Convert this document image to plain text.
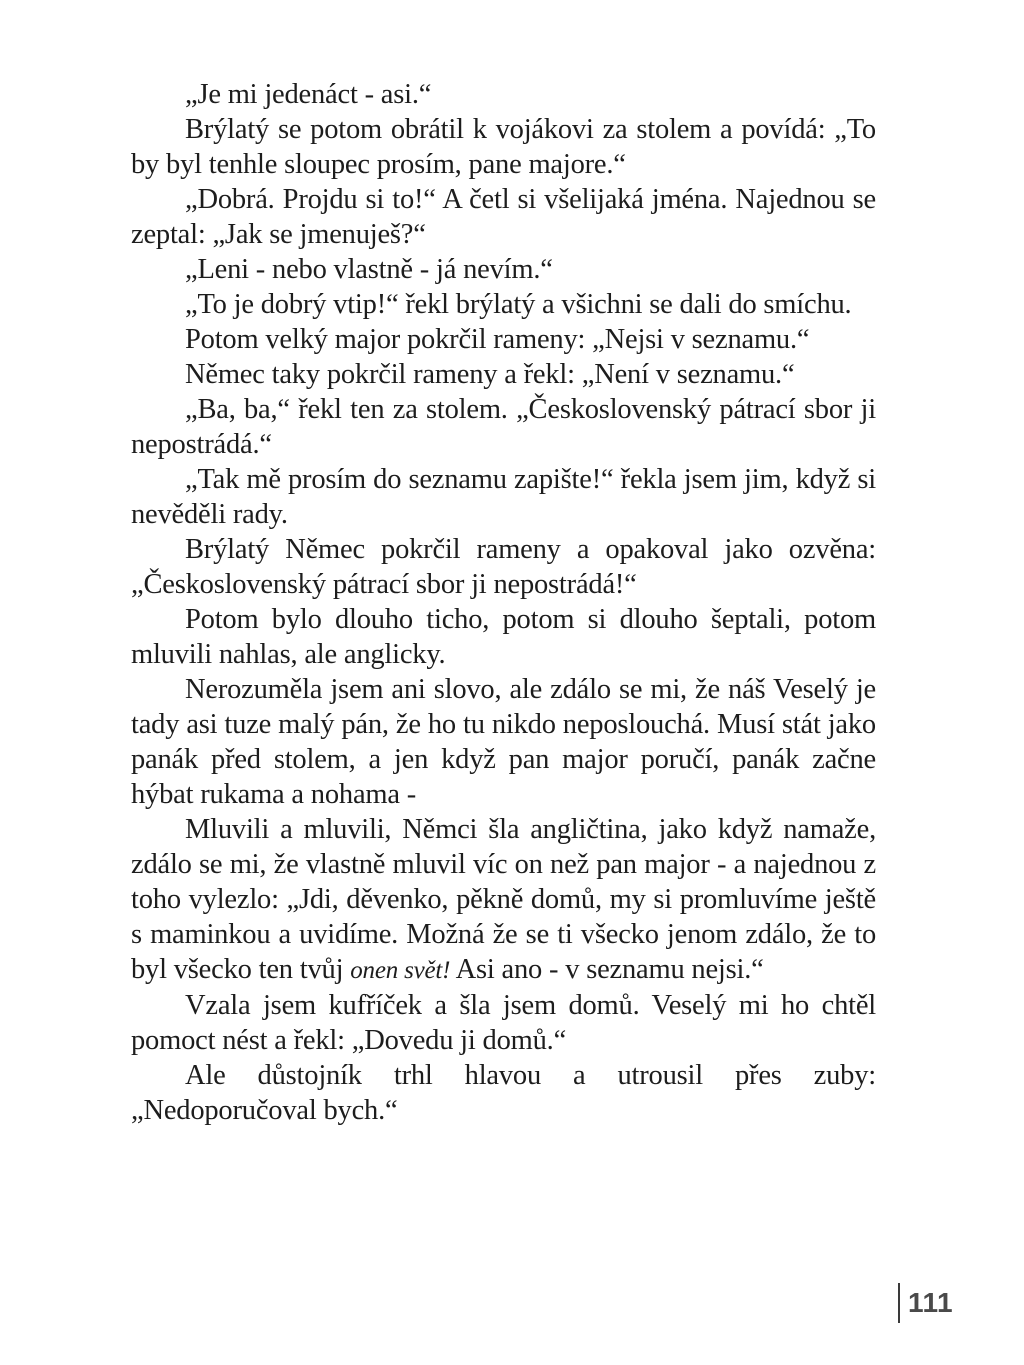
„Je mi jedenáct - asi.“

Brýlatý se potom obrátil k vojákovi za stolem a povídá: „To by byl tenhle sloupec prosím, pane majore.“

„Dobrá. Projdu si to!“ A četl si všelijaká jména. Najednou se zeptal: „Jak se jmenuješ?“

„Leni - nebo vlastně - já nevím.“

„To je dobrý vtip!“ řekl brýlatý a všichni se dali do smíchu.

Potom velký major pokrčil rameny: „Nejsi v seznamu.“

Němec taky pokrčil rameny a řekl: „Není v seznamu.“

„Ba, ba,“ řekl ten za stolem. „Československý pátrací sbor ji nepostrádá.“

„Tak mě prosím do seznamu zapište!“ řekla jsem jim, když si nevěděli rady.

Brýlatý Němec pokrčil rameny a opakoval jako ozvěna: „Československý pátrací sbor ji nepostrádá!“

Potom bylo dlouho ticho, potom si dlouho šeptali, potom mluvili nahlas, ale anglicky.

Nerozuměla jsem ani slovo, ale zdálo se mi, že náš Veselý je tady asi tuze malý pán, že ho tu nikdo neposlouchá. Musí stát jako panák před stolem, a jen když pan major poručí, panák začne hýbat rukama a nohama -

Mluvili a mluvili, Němci šla angličtina, jako když namaže, zdálo se mi, že vlastně mluvil víc on než pan major - a najednou z toho vylezlo: „Jdi, děvenko, pěkně domů, my si promluvíme ještě s maminkou a uvidíme. Možná že se ti všecko jenom zdálo, že to byl všecko ten tvůj onen svět! Asi ano - v seznamu nejsi.“

Vzala jsem kufříček a šla jsem domů. Veselý mi ho chtěl pomoct nést a řekl: „Dovedu ji domů.“

Ale důstojník trhl hlavou a utrousil přes zuby: „Nedoporučoval bych.“

111
